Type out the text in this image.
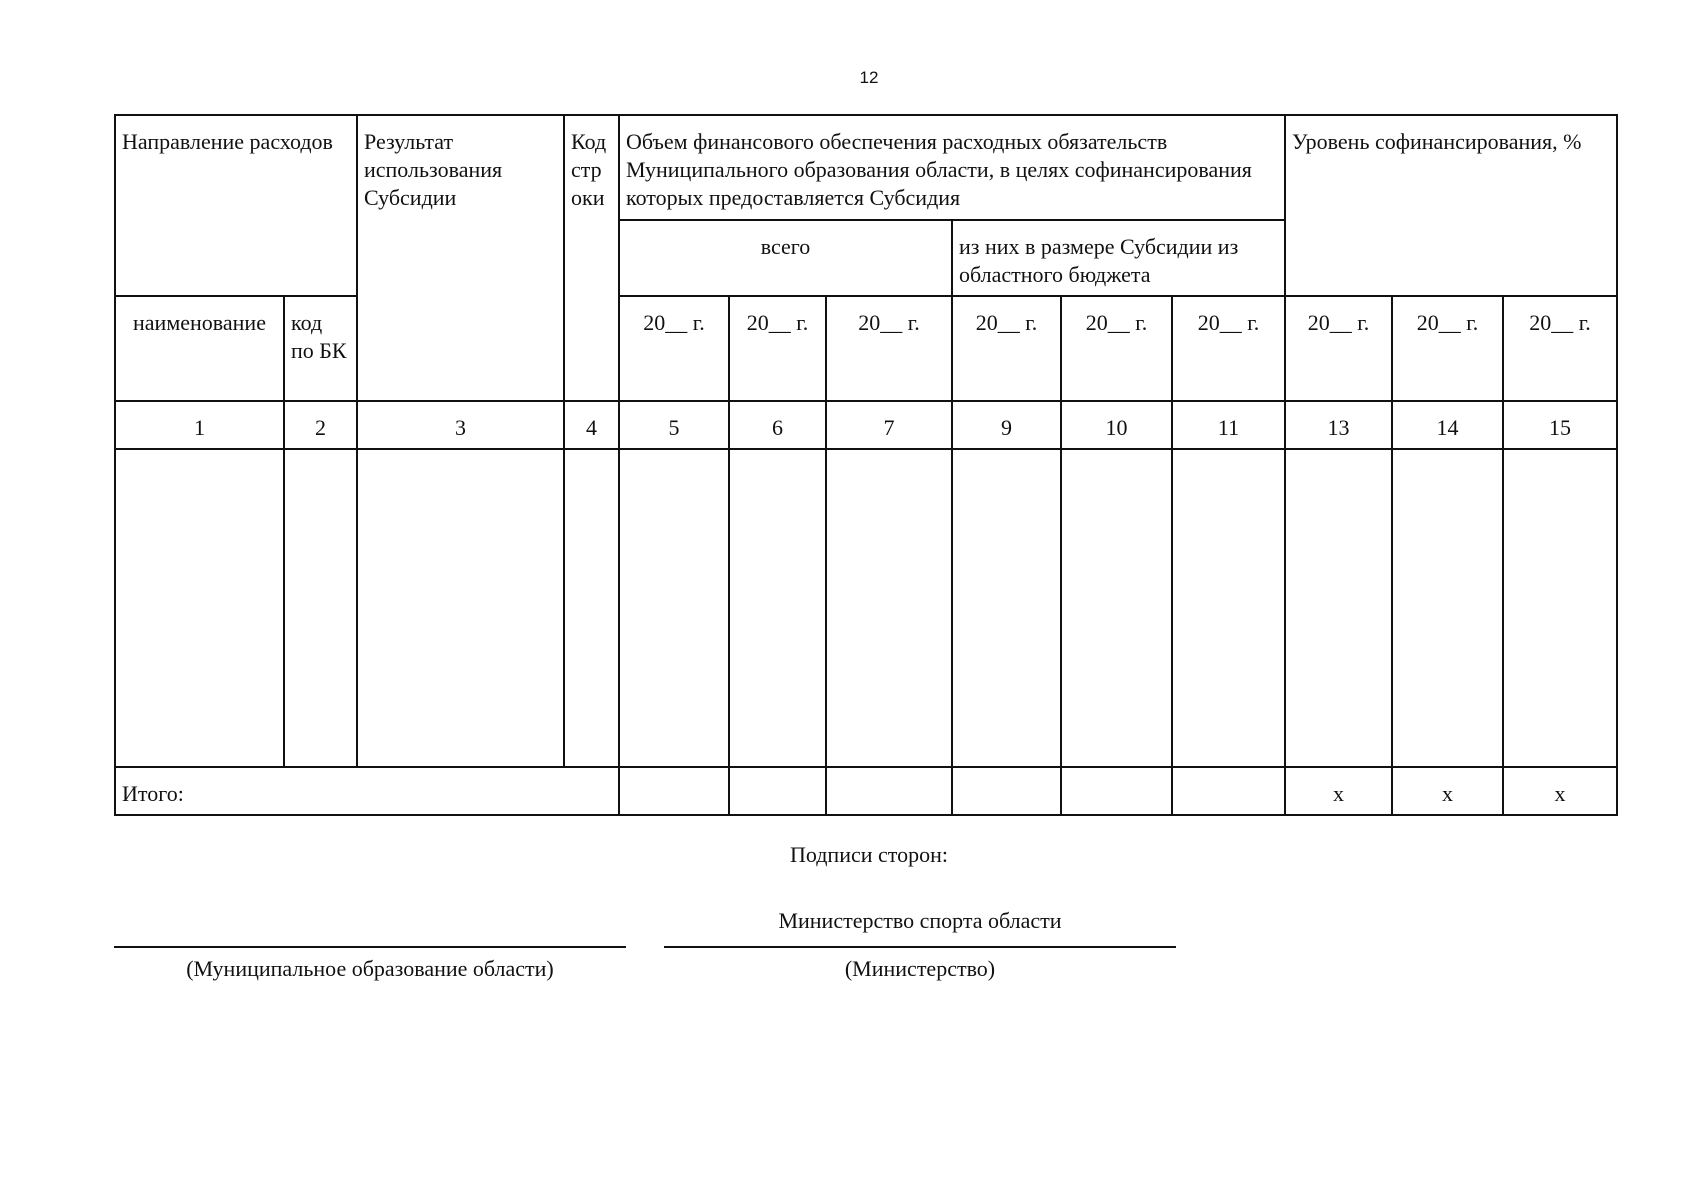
12
Направление расходов		Результат использования Субсидии	Код стр оки	Объем финансового обеспечения расходных обязательств Муниципального образования области, в целях софинансирования которых предоставляется Субсидия						Уровень софинансирования, %		
				всего			из них в размере Субсидии из областного бюджета					
наименование	код по БК			20__ г.	20__ г.	20__ г.	20__ г.	20__ г.	20__ г.	20__ г.	20__ г.	20__ г.
1	2	3	4	5	6	7	9	10	11	13	14	15

Итого:										x	x	x
Подписи сторон:
Министерство спорта области
(Муниципальное образование области)	(Министерство)
